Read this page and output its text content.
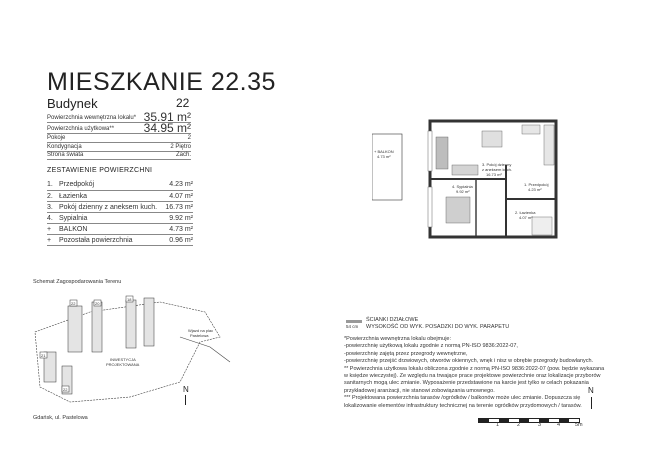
MIESZKANIE 22.35
Budynek	22
Powierzchnia wewnętrzna lokalu* 35.91 m²
Powierzchnia użytkowa** 34.95 m²
Pokoje	2
Kondygnacja	2 Piętro
Strona świata	Zach.
ZESTAWIENIE POWIERZCHNI
1. Przedpokój	4.23 m²
2. Łazienka	4.07 m²
3. Pokój dzienny z aneksem kuch. 16.73 m²
4. Sypialnia	9.92 m²
+	BALKON	4.73 m²
+	Pozostała powierzchnia	0.96 m²
+ BALKON
4.73 m²
3. Pokój dzienny
z aneksem kuch.
16.73 m²
4. Sypialnia
9.92 m²
1. Przedpokój
4.23 m²
2. Łazienka
4.07 m²
Schemat Zagospodarowania Terenu
22	20
18
21
22
Wjazd na plac
Pastelowa
INWESTYCJA
PROJEKTOWANA
N
Gdańsk, ul. Pastelowa
ŚCIANKI DZIAŁOWE
54 cm WYSOKOŚĆ OD WYK. POSADZKI DO WYK. PARAPETU
*Powierzchnia wewnętrzna lokalu obejmuje:
-powierzchnię użytkową lokalu zgodnie z normą PN-ISO 9836:2022-07,
-powierzchnię zajętą przez przegrody wewnętrzne,
-powierzchnię przejść drzwiowych, otworów okiennych, wnęk i nisz w obrębie przegrody budowlanych.
** Powierzchnia użytkowa lokalu obliczona zgodnie z normą PN-ISO 9836:2022-07 (pow. będzie wykazana
w księdze wieczystej). Ze względu na trwające prace projektowe powierzchnie oraz lokalizacje przyborów
sanitarnych mogą ulec zmianie. Wyposażenie przedstawione na karcie jest tylko w celach pokazania
przykładowej aranżacji, nie stanowi zobowiązania umownego.
*** Projektowana powierzchnia tarasów /ogródków / balkonów może ulec zmianie. Dopuszcza się
lokalizowanie elementów infrastruktury technicznej na terenie ogródków przydomowych / tarasów.
1	2	3	4	5m
N
